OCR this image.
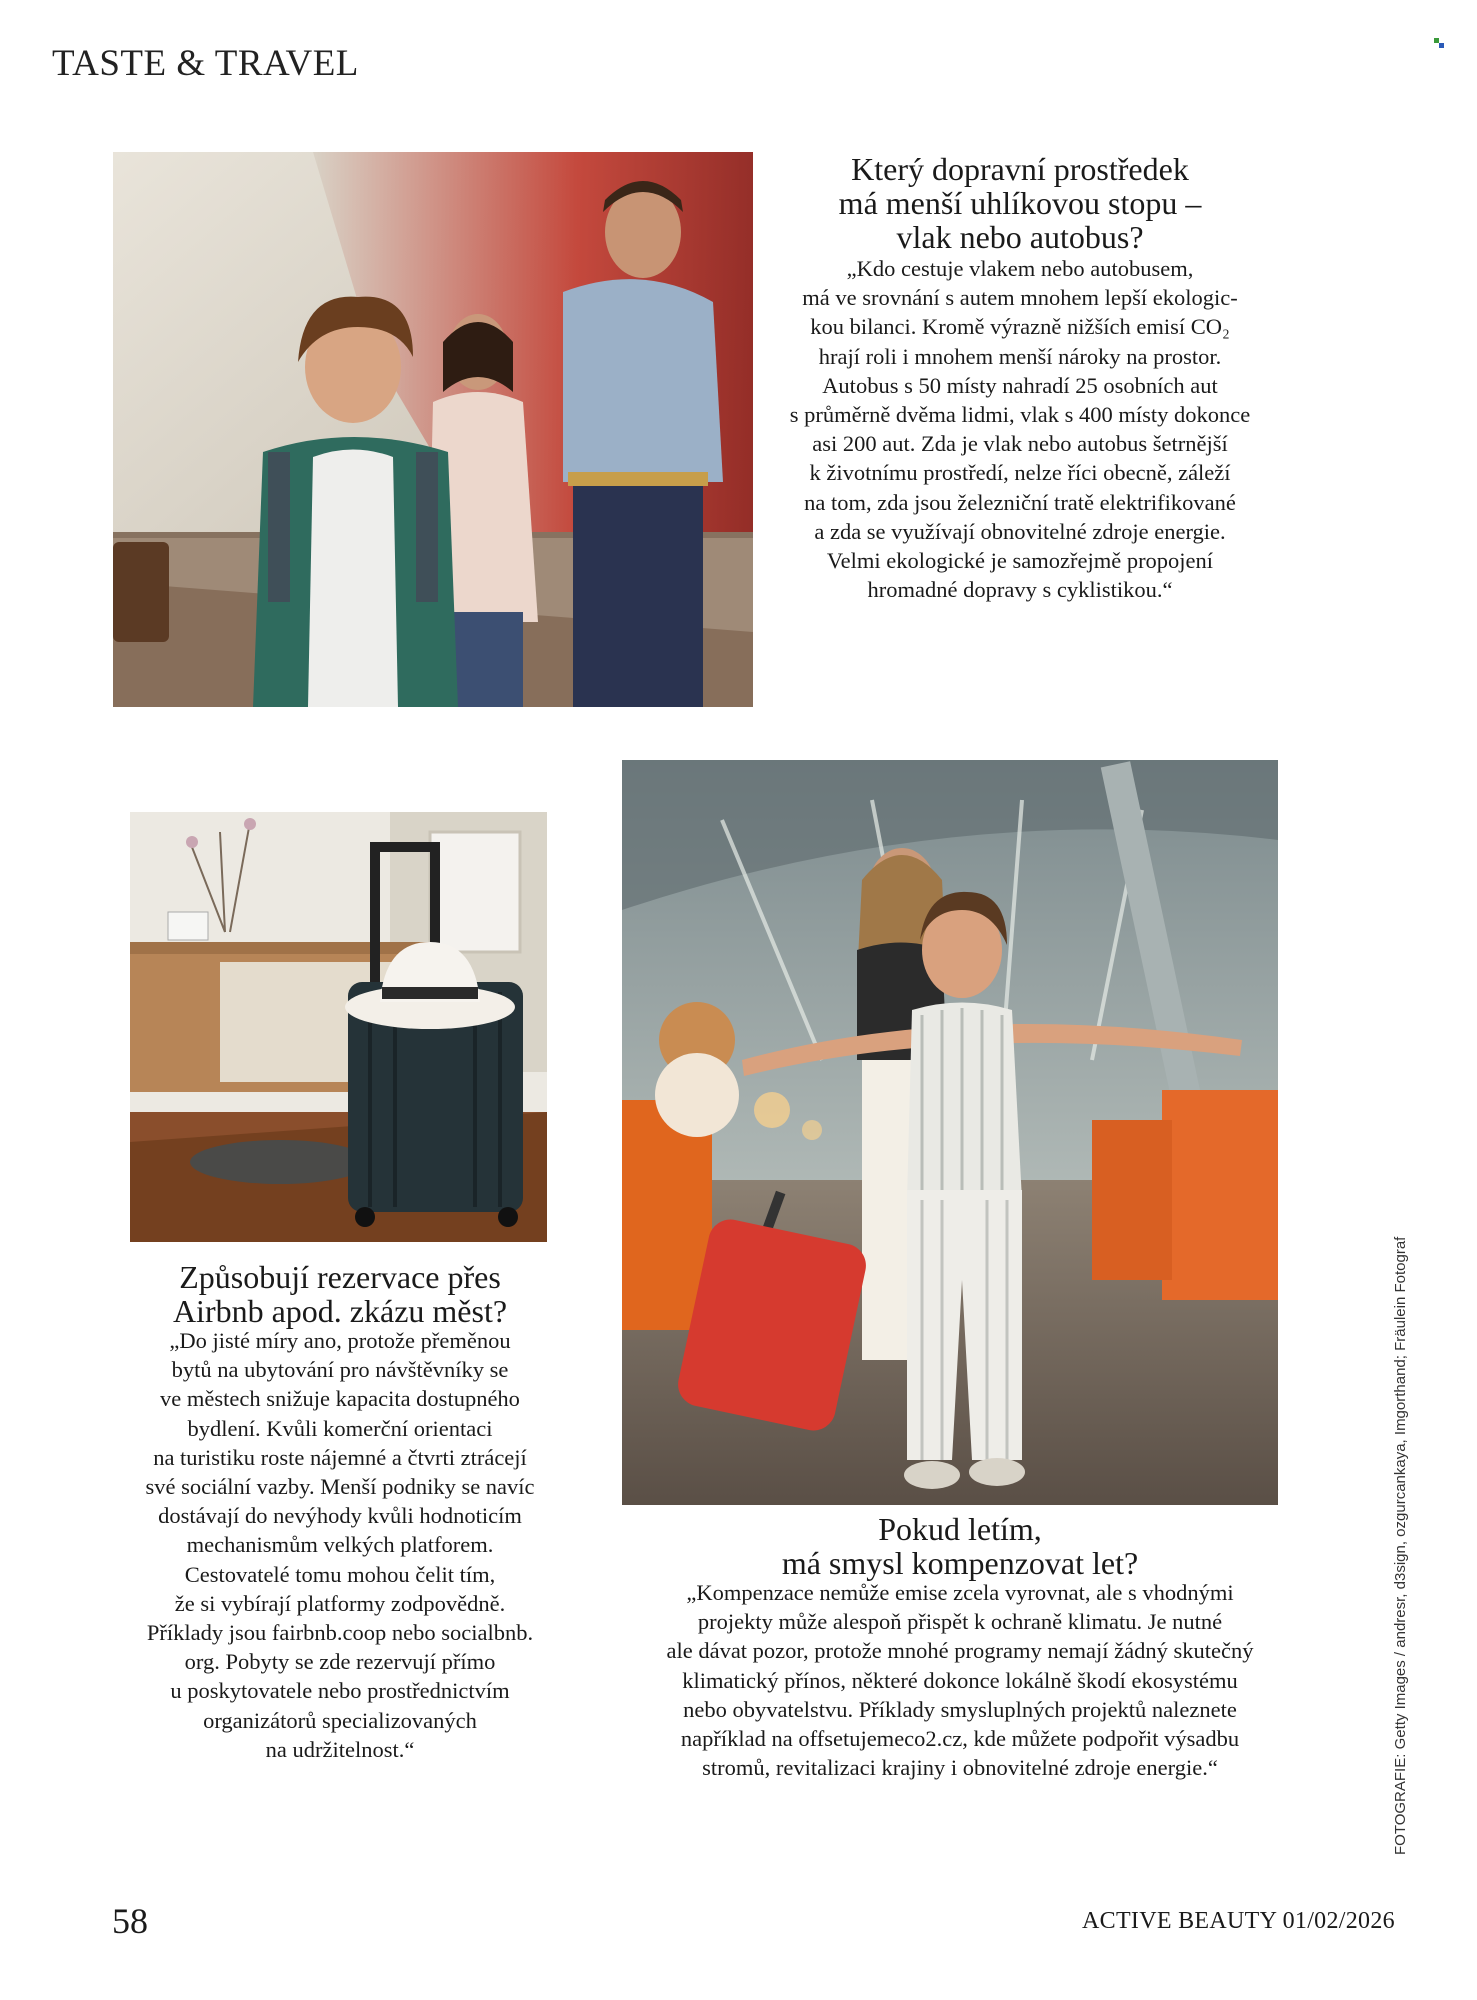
TASTE & TRAVEL
Který dopravní prostředek
má menší uhlíkovou stopu –
vlak nebo autobus?
„Kdo cestuje vlakem nebo autobusem,
má ve srovnání s autem mnohem lepší ekologic-
kou bilanci. Kromě výrazně nižších emisí CO₂
hrají roli i mnohem menší nároky na prostor.
Autobus s 50 místy nahradí 25 osobních aut
s průměrně dvěma lidmi, vlak s 400 místy dokonce
asi 200 aut. Zda je vlak nebo autobus šetrnější
k životnímu prostředí, nelze říci obecně, záleží
na tom, zda jsou železniční tratě elektrifikované
a zda se využívají obnovitelné zdroje energie.
Velmi ekologické je samozřejmě propojení
hromadné dopravy s cyklistikou.“
Způsobují rezervace přes
Airbnb apod. zkázu měst?
„Do jisté míry ano, protože přeměnou
bytů na ubytování pro návštěvníky se
ve městech snižuje kapacita dostupného
bydlení. Kvůli komerční orientaci
na turistiku roste nájemné a čtvrti ztrácejí
své sociální vazby. Menší podniky se navíc
dostávají do nevýhody kvůli hodnoticím
mechanismům velkých platforem.
Cestovatelé tomu mohou čelit tím,
že si vybírají platformy zodpovědně.
Příklady jsou fairbnb.coop nebo socialbnb.
org. Pobyty se zde rezervují přímo
u poskytovatele nebo prostřednictvím
organizátorů specializovaných
na udržitelnost.“
Pokud letím,
má smysl kompenzovat let?
„Kompenzace nemůže emise zcela vyrovnat, ale s vhodnými
projekty může alespoň přispět k ochraně klimatu. Je nutné
ale dávat pozor, protože mnohé programy nemají žádný skutečný
klimatický přínos, některé dokonce lokálně škodí ekosystému
nebo obyvatelstvu. Příklady smysluplných projektů naleznete
například na offsetujemeco2.cz, kde můžete podpořit výsadbu
stromů, revitalizaci krajiny i obnovitelné zdroje energie.“	FOTOGRAFIE: Getty Images / andresr, d3sign, ozgurcankaya, Imgorthand; Fräulein Fotograf
58	ACTIVE BEAUTY 01/02/2026
